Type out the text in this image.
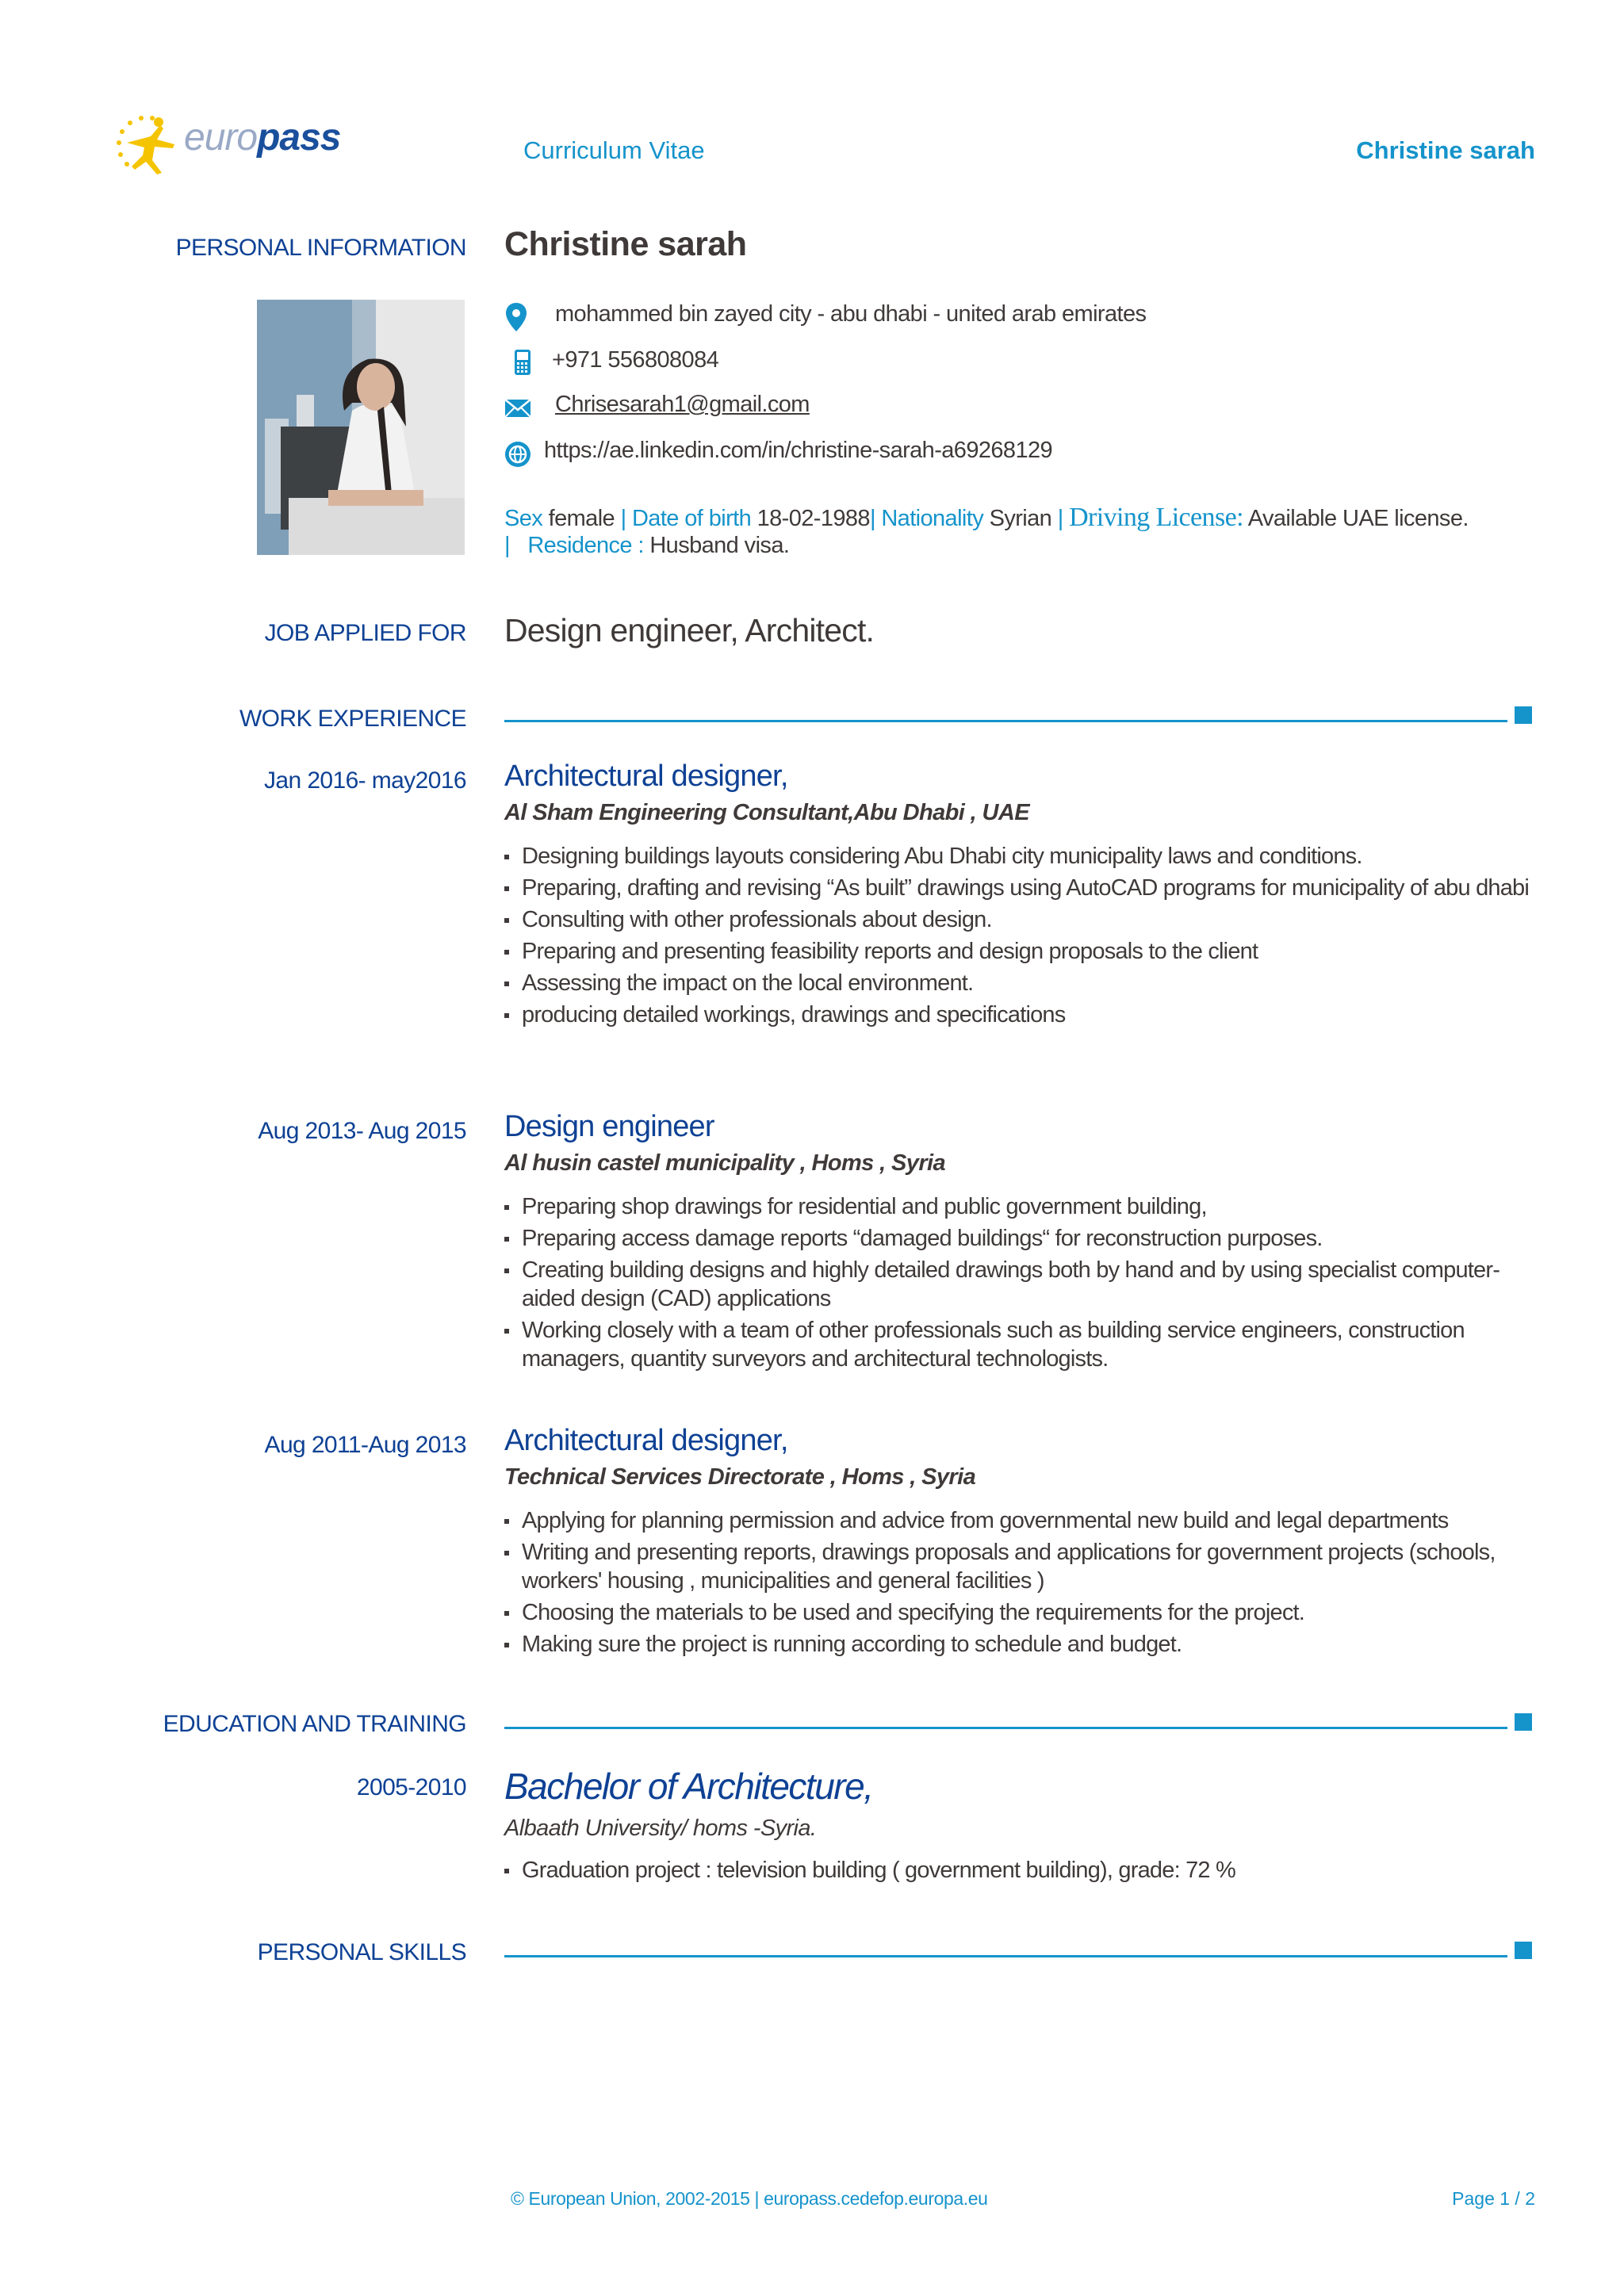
europass	Curriculum Vitae	Christine sarah
PERSONAL INFORMATION Christine sarah
mohammed bin zayed city - abu dhabi - united arab emirates
+971 556808084
Chrisesarah1@gmail.com
https://ae.linkedin.com/in/christine-sarah-a69268129
Sex female | Date of birth 18-02-1988| Nationality Syrian | Driving License: Available UAE license.
|   Residence : Husband visa.
JOB APPLIED FOR Design engineer, Architect.
WORK EXPERIENCE
Jan 2016- may2016 Architectural designer,
Al Sham Engineering Consultant,Abu Dhabi , UAE
Designing buildings layouts considering Abu Dhabi city municipality laws and conditions.
Preparing, drafting and revising “As built” drawings using AutoCAD programs for municipality of abu dhabi
Consulting with other professionals about design.
Preparing and presenting feasibility reports and design proposals to the client
Assessing the impact on the local environment.
producing detailed workings, drawings and specifications
Aug 2013- Aug 2015 Design engineer
Al husin castel municipality , Homs , Syria
Preparing shop drawings for residential and public government building,
Preparing access damage reports “damaged buildings“ for reconstruction purposes.
Creating building designs and highly detailed drawings both by hand and by using specialist computer-aided design (CAD) applications
Working closely with a team of other professionals such as building service engineers, construction managers, quantity surveyors and architectural technologists.
Aug 2011-Aug 2013 Architectural designer,
Technical Services Directorate , Homs , Syria
Applying for planning permission and advice from governmental new build and legal departments
Writing and presenting reports, drawings proposals and applications for government projects (schools, workers' housing , municipalities and general facilities )
Choosing the materials to be used and specifying the requirements for the project.
Making sure the project is running according to schedule and budget.
EDUCATION AND TRAINING
2005-2010 Bachelor of Architecture,
Albaath University/ homs -Syria.
Graduation project : television building ( government building), grade: 72 %
PERSONAL SKILLS
© European Union, 2002-2015 | europass.cedefop.europa.eu	Page 1 / 2
